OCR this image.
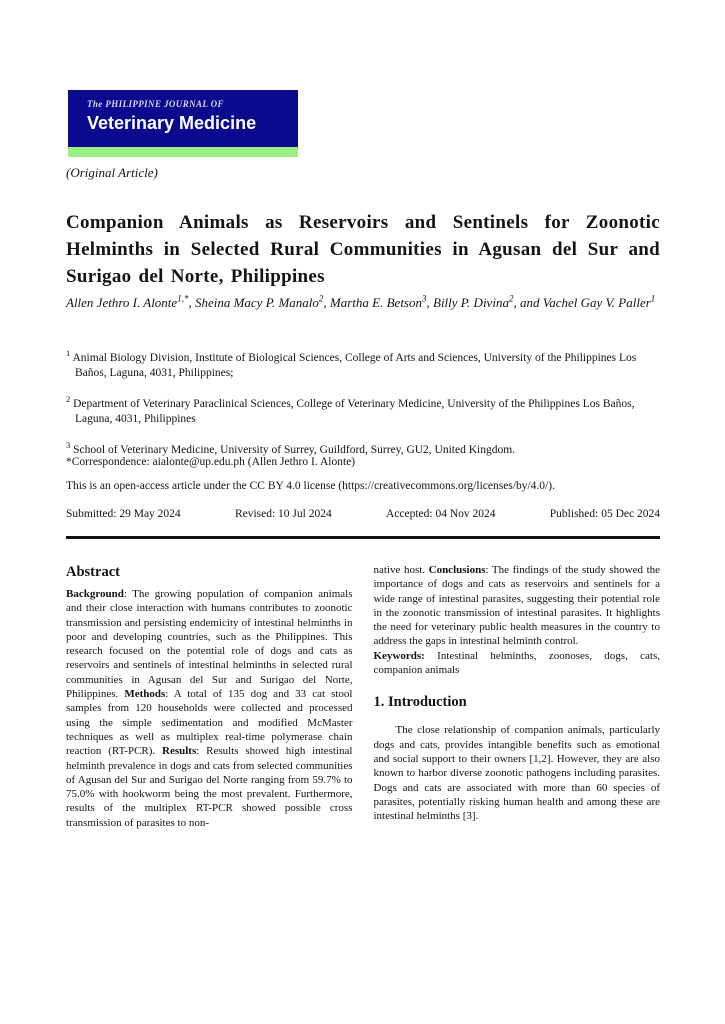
The PHILIPPINE JOURNAL OF
Veterinary Medicine
(Original Article)
Companion Animals as Reservoirs and Sentinels for Zoonotic Helminths in Selected Rural Communities in Agusan del Sur and Surigao del Norte, Philippines
Allen Jethro I. Alonte$^{1,*}$, Sheina Macy P. Manalo$^2$, Martha E. Betson$^3$, Billy P. Divina$^2$, and Vachel Gay V. Paller$^1$

$^1$ Animal Biology Division, Institute of Biological Sciences, College of Arts and Sciences, University of the Philippines Los Baños, Laguna, 4031, Philippines;

$^2$ Department of Veterinary Paraclinical Sciences, College of Veterinary Medicine, University of the Philippines Los Baños, Laguna, 4031, Philippines

$^3$ School of Veterinary Medicine, University of Surrey, Guildford, Surrey, GU2, United Kingdom.

*Correspondence: aialonte@up.edu.ph (Allen Jethro I. Alonte)
This is an open-access article under the CC BY 4.0 license (https://creativecommons.org/licenses/by/4.0/).
Submitted: 29 May 2024	Revised: 10 Jul 2024	Accepted: 04 Nov 2024	Published: 05 Dec 2024
Abstract

Background: The growing population of companion animals and their close interaction with humans contributes to zoonotic transmission and persisting endemicity of intestinal helminths in poor and developing countries, such as the Philippines. This research focused on the potential role of dogs and cats as reservoirs and sentinels of intestinal helminths in selected rural communities in Agusan del Sur and Surigao del Norte, Philippines. Methods: A total of 135 dog and 33 cat stool samples from 120 households were collected and processed using the simple sedimentation and modified McMaster techniques as well as multiplex real-time polymerase chain reaction (RT-PCR). Results: Results showed high intestinal helminth prevalence in dogs and cats from selected communities of Agusan del Sur and Surigao del Norte ranging from 59.7% to 75.0% with hookworm being the most prevalent. Furthermore, results of the multiplex RT-PCR showed possible cross transmission of parasites to non-

native host. Conclusions: The findings of the study showed the importance of dogs and cats as reservoirs and sentinels for a wide range of intestinal parasites, suggesting their potential role in the zoonotic transmission of intestinal parasites. It highlights the need for veterinary public health measures in the country to address the gaps in intestinal helminth control.

Keywords: Intestinal helminths, zoonoses, dogs, cats, companion animals

1. Introduction

The close relationship of companion animals, particularly dogs and cats, provides intangible benefits such as emotional and social support to their owners [1,2]. However, they are also known to harbor diverse zoonotic pathogens including parasites. Dogs and cats are associated with more than 60 species of parasites, potentially risking human health and among these are intestinal helminths [3].
